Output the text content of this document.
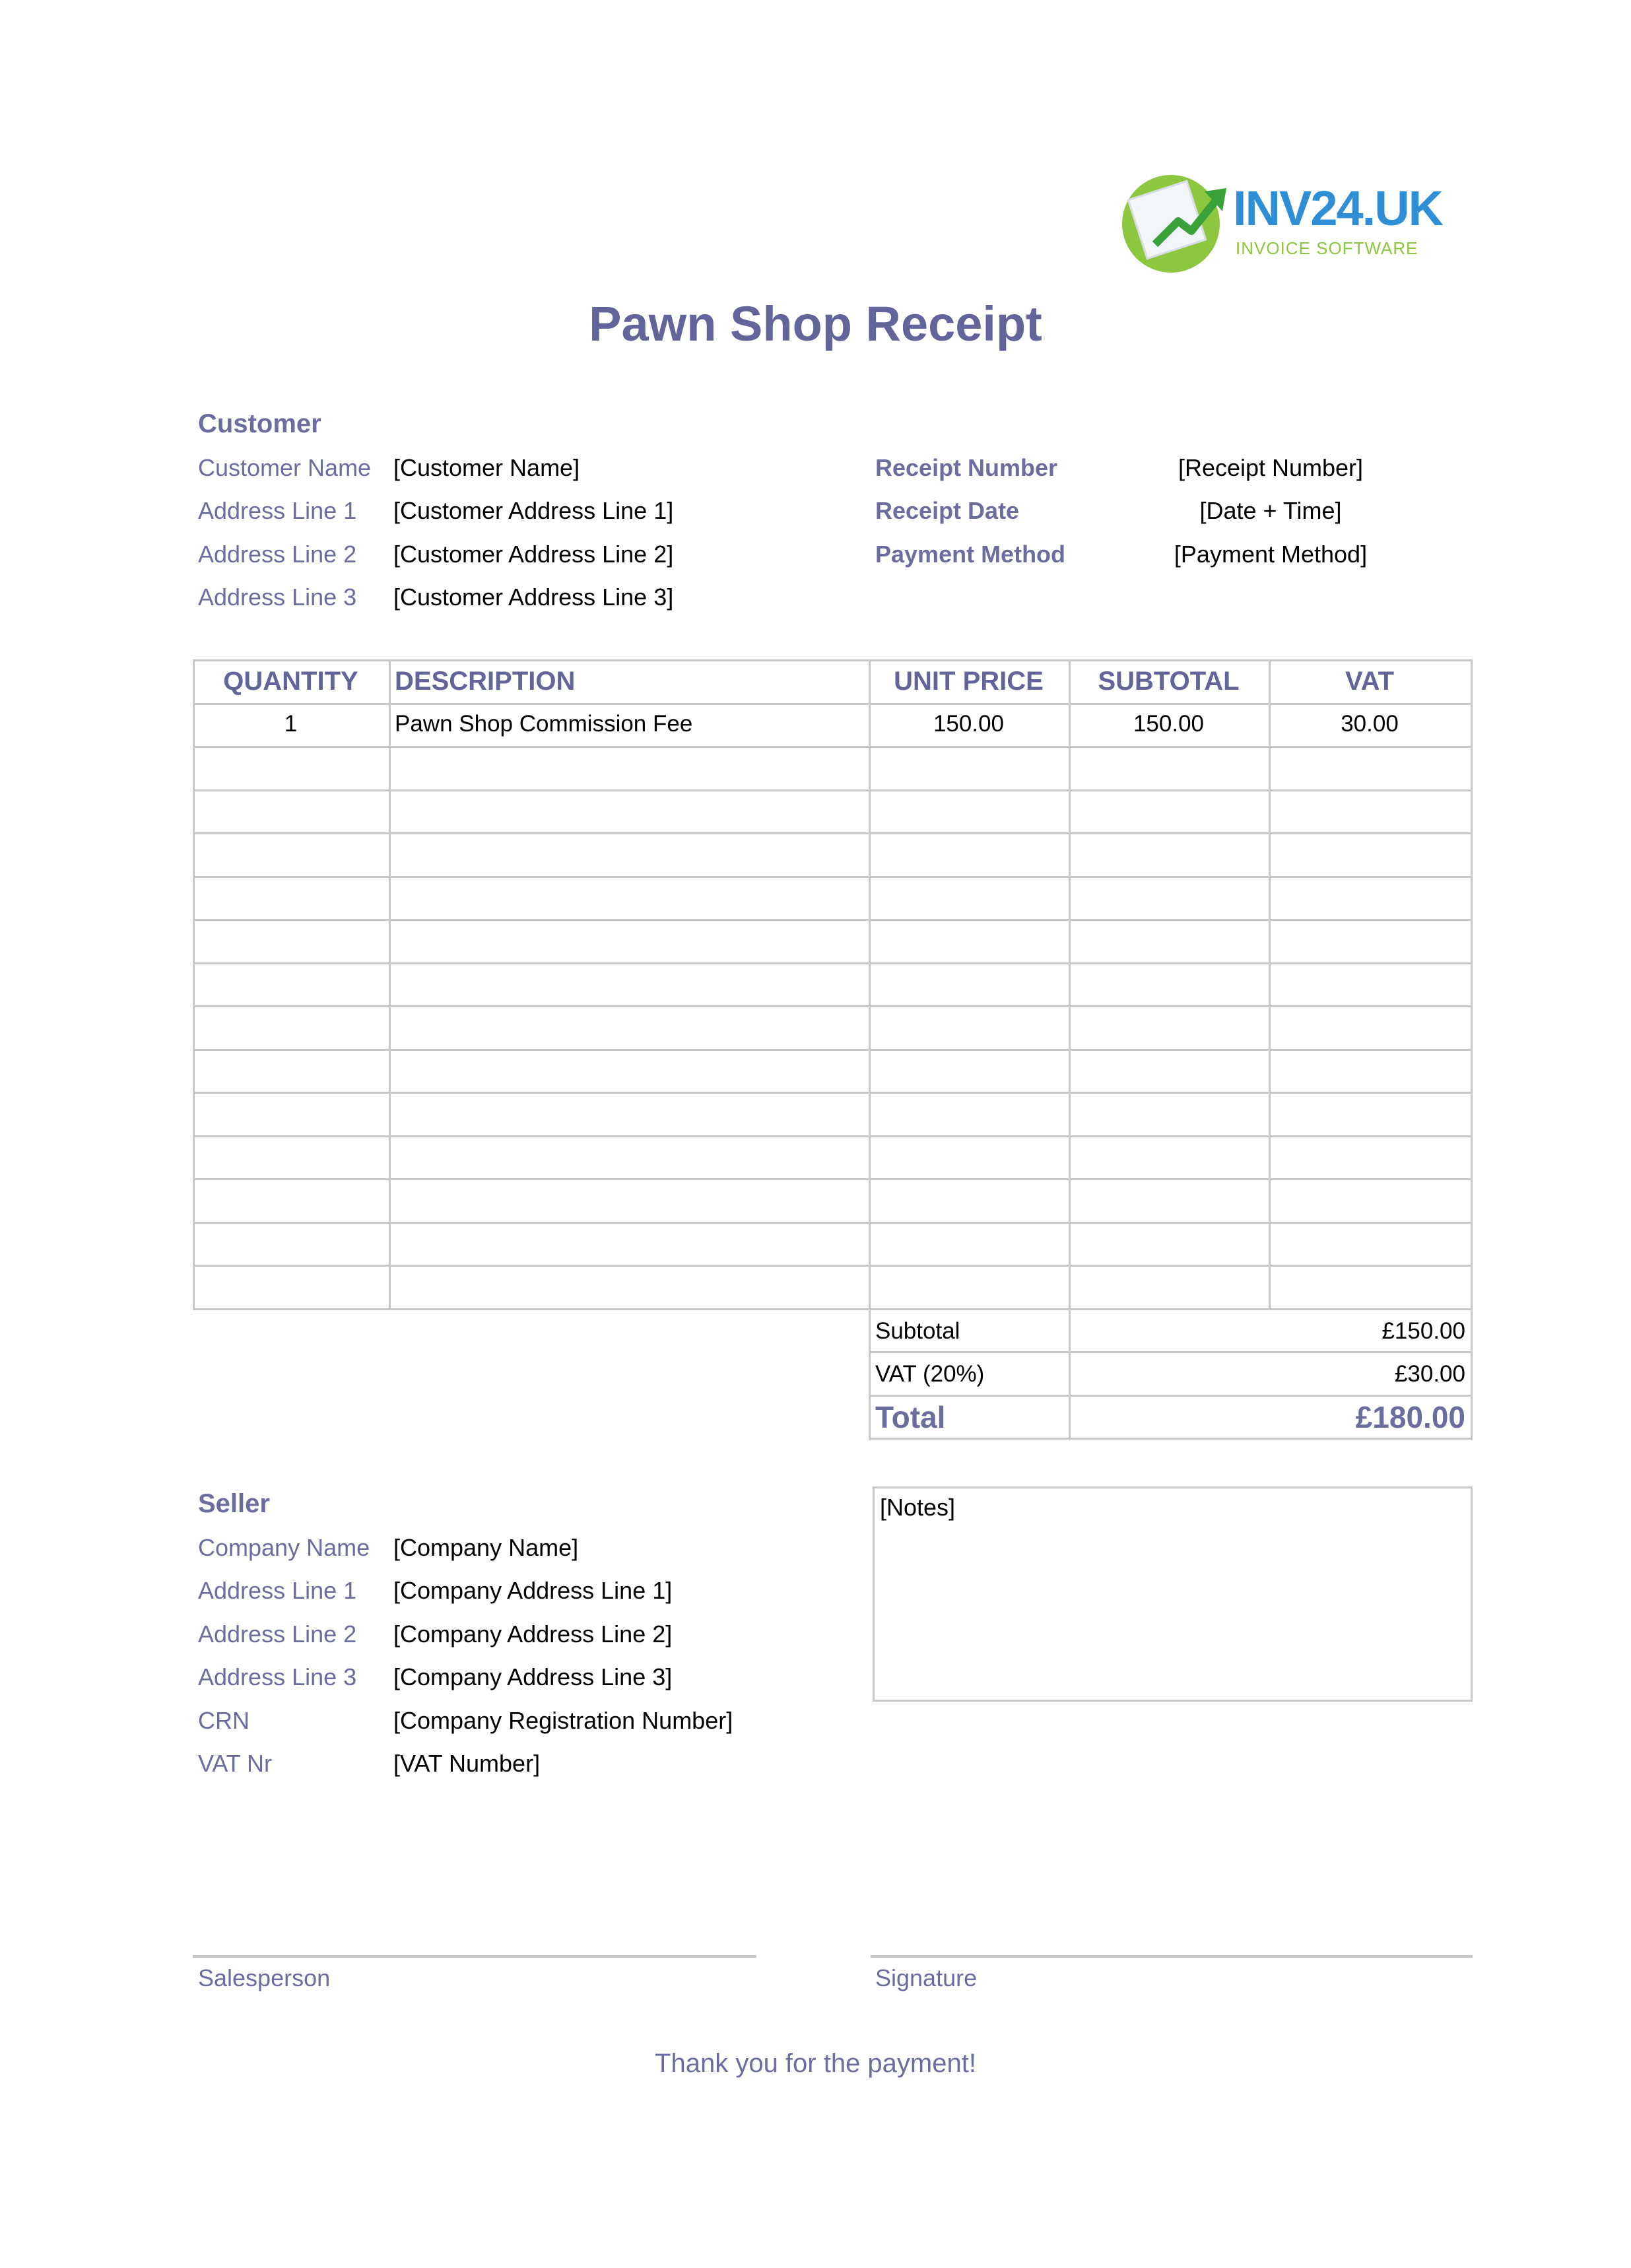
INV24.UK
INVOICE SOFTWARE
Pawn Shop Receipt
Customer
Customer Name [Customer Name]
Address Line 1 [Customer Address Line 1]
Address Line 2 [Customer Address Line 2]
Address Line 3 [Customer Address Line 3]
Receipt Number	[Receipt Number]
Receipt Date	[Date + Time]
Payment Method	[Payment Method]
QUANTITY	DESCRIPTION	UNIT PRICE	SUBTOTAL	VAT
1	Pawn Shop Commission Fee	150.00	150.00	30.00
Subtotal	£150.00
VAT (20%)	£30.00
Total	£180.00
Seller
Company Name [Company Name]
Address Line 1 [Company Address Line 1]
Address Line 2 [Company Address Line 2]
Address Line 3 [Company Address Line 3]
CRN	[Company Registration Number]
VAT Nr	[VAT Number]
[Notes]
Salesperson	Signature
Thank you for the payment!
